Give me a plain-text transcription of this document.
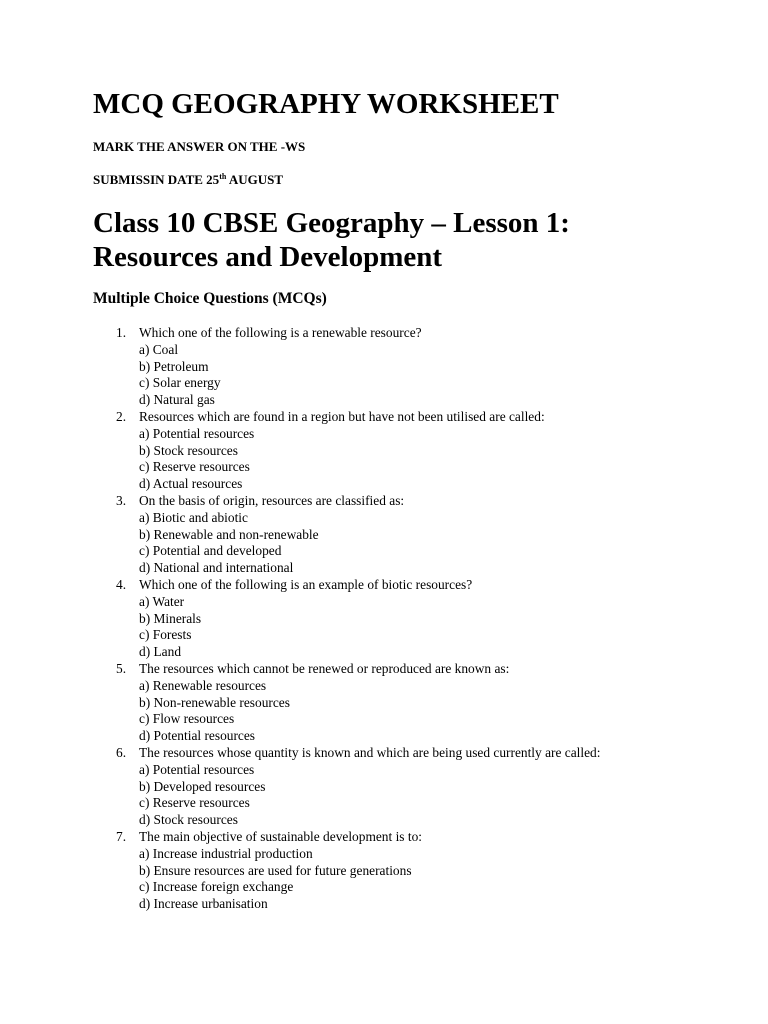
MCQ GEOGRAPHY WORKSHEET

MARK THE ANSWER ON THE -WS

SUBMISSIN DATE 25th AUGUST

Class 10 CBSE Geography – Lesson 1:
Resources and Development
Multiple Choice Questions (MCQs)
1. Which one of the following is a renewable resource?
a) Coal
b) Petroleum
c) Solar energy
d) Natural gas
2. Resources which are found in a region but have not been utilised are called:
a) Potential resources
b) Stock resources
c) Reserve resources
d) Actual resources
3. On the basis of origin, resources are classified as:
a) Biotic and abiotic
b) Renewable and non-renewable
c) Potential and developed
d) National and international
4. Which one of the following is an example of biotic resources?
a) Water
b) Minerals
c) Forests
d) Land
5. The resources which cannot be renewed or reproduced are known as:
a) Renewable resources
b) Non-renewable resources
c) Flow resources
d) Potential resources
6. The resources whose quantity is known and which are being used currently are called:
a) Potential resources
b) Developed resources
c) Reserve resources
d) Stock resources
7. The main objective of sustainable development is to:
a) Increase industrial production
b) Ensure resources are used for future generations
c) Increase foreign exchange
d) Increase urbanisation
